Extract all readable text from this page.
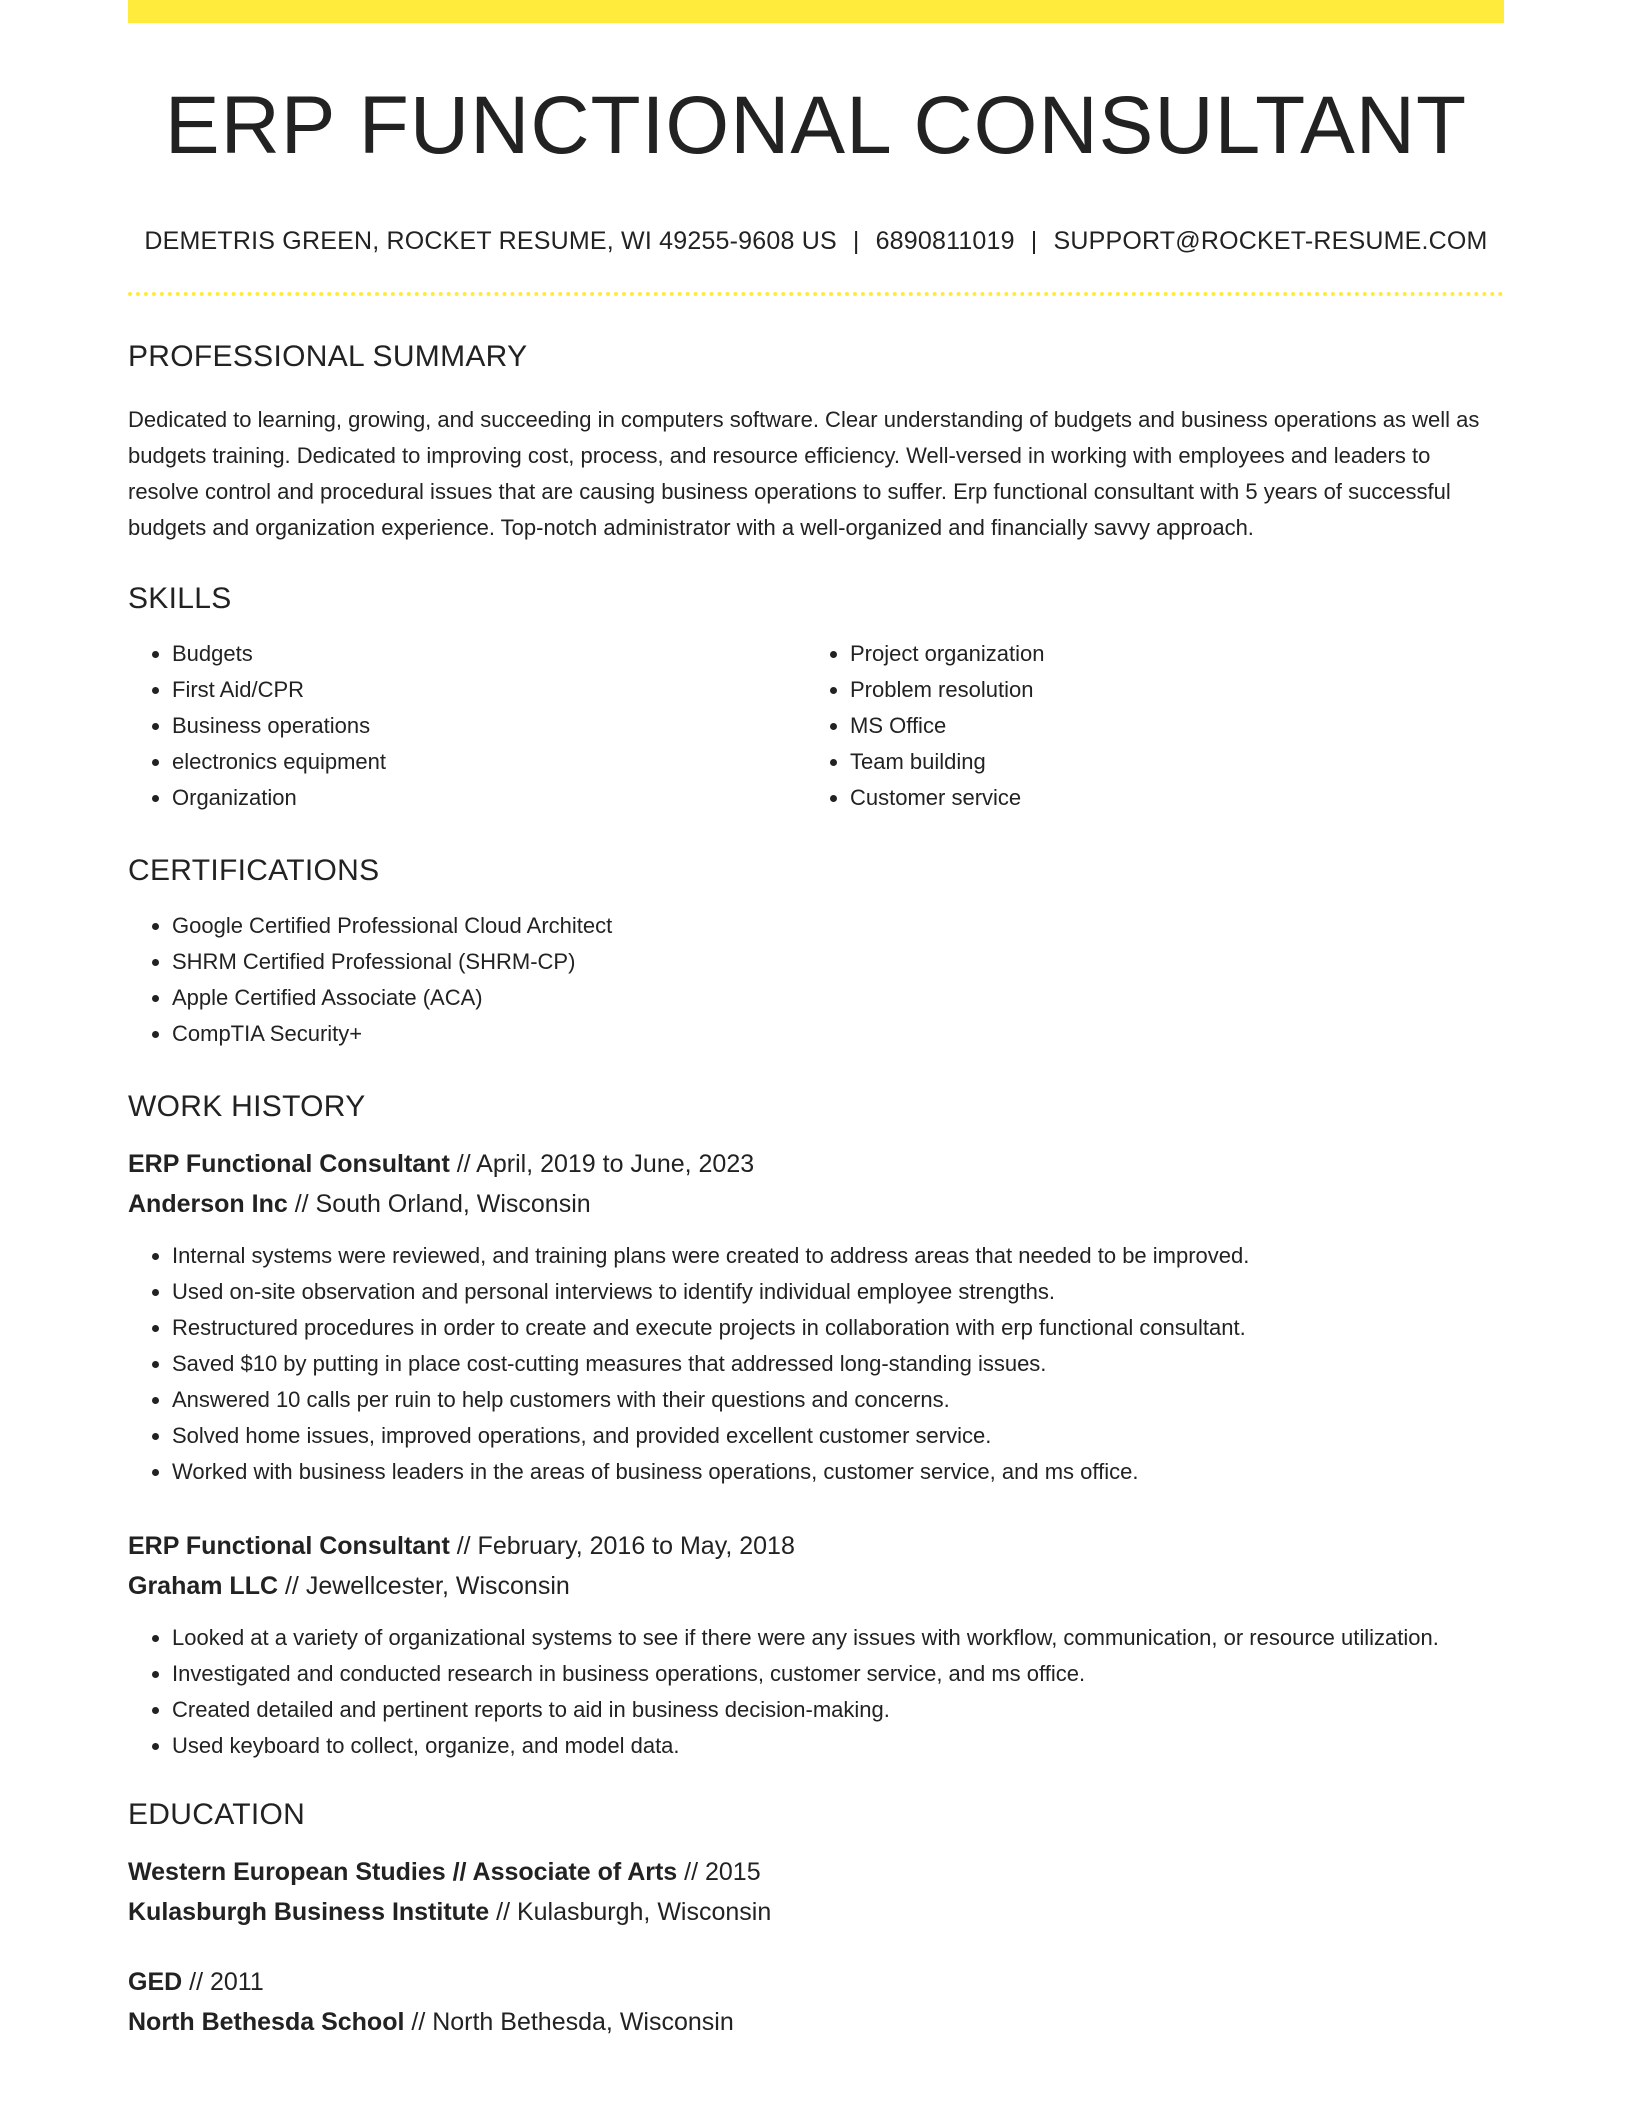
ERP FUNCTIONAL CONSULTANT
DEMETRIS GREEN, ROCKET RESUME, WI 49255-9608 US | 6890811019 | SUPPORT@ROCKET-RESUME.COM
PROFESSIONAL SUMMARY

Dedicated to learning, growing, and succeeding in computers software. Clear understanding of budgets and business operations as well as budgets training. Dedicated to improving cost, process, and resource efficiency. Well-versed in working with employees and leaders to resolve control and procedural issues that are causing business operations to suffer. Erp functional consultant with 5 years of successful budgets and organization experience. Top-notch administrator with a well-organized and financially savvy approach.

SKILLS
• Budgets
• First Aid/CPR
• Business operations
• electronics equipment
• Organization
• Project organization
• Problem resolution
• MS Office
• Team building
• Customer service
CERTIFICATIONS
• Google Certified Professional Cloud Architect
• SHRM Certified Professional (SHRM-CP)
• Apple Certified Associate (ACA)
• CompTIA Security+
WORK HISTORY
ERP Functional Consultant // April, 2019 to June, 2023
Anderson Inc // South Orland, Wisconsin
• Internal systems were reviewed, and training plans were created to address areas that needed to be improved.
• Used on-site observation and personal interviews to identify individual employee strengths.
• Restructured procedures in order to create and execute projects in collaboration with erp functional consultant.
• Saved $10 by putting in place cost-cutting measures that addressed long-standing issues.
• Answered 10 calls per ruin to help customers with their questions and concerns.
• Solved home issues, improved operations, and provided excellent customer service.
• Worked with business leaders in the areas of business operations, customer service, and ms office.
ERP Functional Consultant // February, 2016 to May, 2018
Graham LLC // Jewellcester, Wisconsin
• Looked at a variety of organizational systems to see if there were any issues with workflow, communication, or resource utilization.
• Investigated and conducted research in business operations, customer service, and ms office.
• Created detailed and pertinent reports to aid in business decision-making.
• Used keyboard to collect, organize, and model data.
EDUCATION
Western European Studies // Associate of Arts // 2015
Kulasburgh Business Institute // Kulasburgh, Wisconsin
GED // 2011
North Bethesda School // North Bethesda, Wisconsin
